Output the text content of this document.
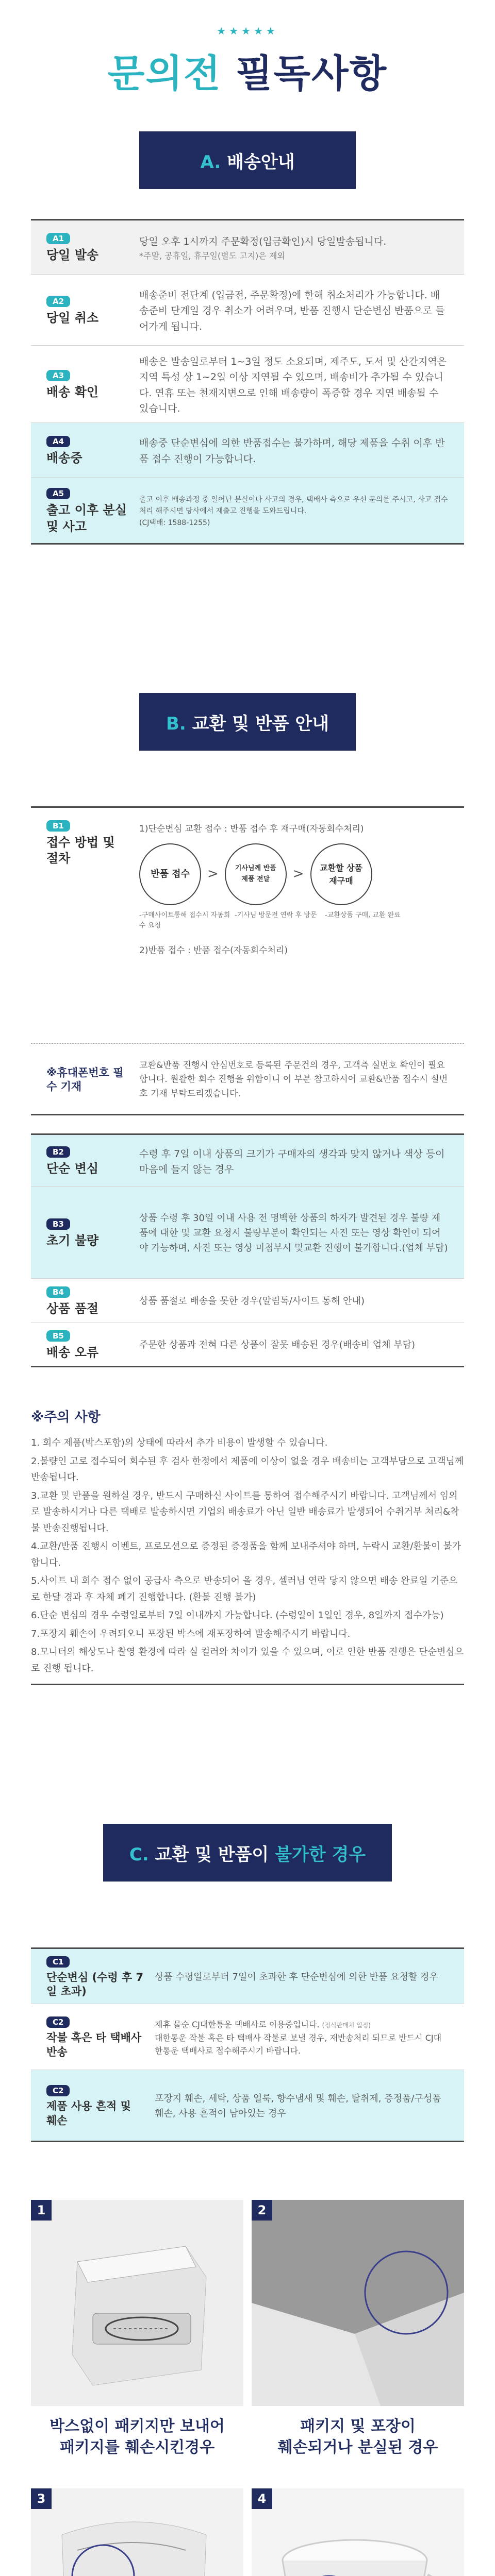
★★★★★
문의전 필독사항
A. 배송안내
A1
당일 발송
당일 오후 1시까지 주문확정(입금확인)시 당일발송됩니다.
*주말, 공휴일, 휴무일(별도 고지)은 제외
A2
당일 취소
배송준비 전단계 (입금전, 주문확정)에 한해 취소처리가 가능합니다. 배송준비 단계일 경우 취소가 어려우며, 반품 진행시 단순변심 반품으로 들어가게 됩니다.
A3
배송 확인
배송은 발송일로부터 1~3일 정도 소요되며, 제주도, 도서 및 산간지역은 지역 특성 상 1~2일 이상 지연될 수 있으며, 배송비가 추가될 수 있습니다. 연휴 또는 천재지변으로 인해 배송량이 폭증할 경우 지연 배송될 수 있습니다.
A4
배송중
배송중 단순변심에 의한 반품접수는 불가하며, 해당 제품을 수취 이후 반품 접수 진행이 가능합니다.
A5
출고 이후 분실 및 사고
출고 이후 배송과정 중 일어난 분실이나 사고의 경우, 택배사 측으로 우선 문의를 주시고, 사고 접수처리 해주시면 당사에서 재출고 진행을 도와드립니다.
(CJ택배: 1588-1255)
B. 교환 및 반품 안내
B1
접수 방법 및 절차
1)단순변심 교환 접수 : 반품 접수 후 재구매(자동회수처리)
반품 접수	>	기사님께 반품제품 전달	>	교환할 상품 재구매
-구매사이트통해 접수시 자동회수 요청
-기사님 방문전 연락 후 방문	-교환상품 구매, 교환 완료
2)반품 접수 : 반품 접수(자동회수처리)
※휴대폰번호 필수 기재
교환&반품 진행시 안심번호로 등록된 주문건의 경우, 고객측 실번호 확인이 필요합니다. 원활한 회수 진행을 위함이니 이 부분 참고하시어 교환&반품 접수시 실번호 기재 부탁드리겠습니다.
B2
단순 변심
수령 후 7일 이내 상품의 크기가 구매자의 생각과 맞지 않거나 색상 등이 마음에 들지 않는 경우
B3
초기 불량
상품 수령 후 30일 이내 사용 전 명백한 상품의 하자가 발견된 경우 불량 제품에 대한 및 교환 요청시 불량부분이 확인되는 사진 또는 영상 확인이 되어야 가능하며, 사진 또는 영상 미첨부시 및교환 진행이 불가합니다.(업체 부담)
B4
상품 품절
상품 품절로 배송을 못한 경우(알림톡/사이트 통해 안내)
B5
배송 오류
주문한 상품과 전혀 다른 상품이 잘못 배송된 경우(배송비 업체 부담)
※주의 사항

1. 회수 제품(박스포함)의 상태에 따라서 추가 비용이 발생할 수 있습니다.

2.불량인 고로 접수되어 회수된 후 검사 한정에서 제품에 이상이 없을 경우 배송비는 고객부담으로 고객님께 반송됩니다.

3.교환 및 반품을 원하실 경우, 반드시 구매하신 사이트를 통하여 접수해주시기 바랍니다. 고객님께서 임의로 발송하시거나 다른 택배로 발송하시면 기업의 배송료가 아닌 일반 배송료가 발생되어 수취거부 처리&착불 반송진행됩니다.

4.교환/반품 진행시 이벤트, 프로모션으로 증정된 증정품을 함께 보내주셔야 하며, 누락시 교환/환불이 불가합니다.

5.사이트 내 회수 접수 없이 공급사 측으로 반송되어 올 경우, 셀러님 연락 닿지 않으면 배송 완료일 기준으로 한달 경과 후 자체 폐기 진행합니다. (환불 진행 불가)

6.단순 변심의 경우 수령일로부터 7일 이내까지 가능합니다. (수령일이 1일인 경우, 8일까지 접수가능)

7.포장지 훼손이 우려되오니 포장된 박스에 재포장하여 발송해주시기 바랍니다.

8.모니터의 해상도나 촬영 환경에 따라 실 컬러와 차이가 있을 수 있으며, 이로 인한 반품 진행은 단순변심으로 진행 됩니다.

C. 교환 및 반품이 불가한 경우
C1
단순변심 (수령 후 7일 초과)
상품 수령일로부터 7일이 초과한 후 단순변심에 의한 반품 요청할 경우
C2
작불 혹은 타 택배사 반송
제휴 물순 CJ대한통운 택배사로 이용중입니다. (정식판매처 일정)
대한통운 작불 혹은 타 택배사 작불로 보낼 경우, 재반송처리 되므로 반드시 CJ대한통운 택배사로 접수해주시기 바랍니다.
C2
제품 사용 흔적 및 훼손
포장지 훼손, 세탁, 상품 얼룩, 향수냄새 및 훼손, 탈취제, 증정품/구성품 훼손, 사용 흔적이 남아있는 경우
1
박스없이 패키지만 보내어
패키지를 훼손시킨경우
2
패키지 및 포장이
훼손되거나 분실된 경우
3	4
